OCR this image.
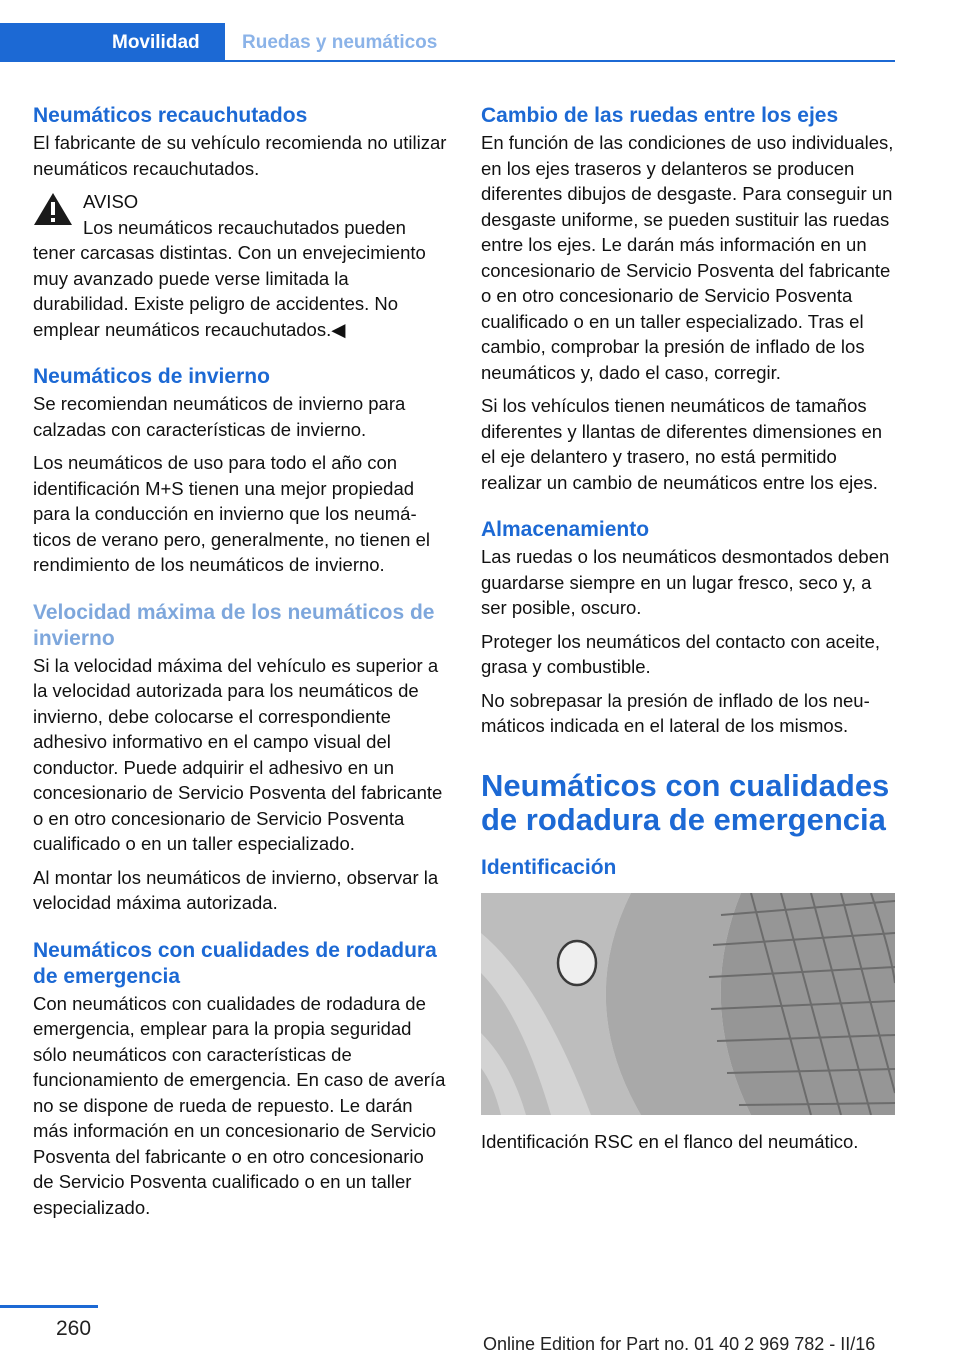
Movilidad	Ruedas y neumáticos
Neumáticos recauchutados

El fabricante de su vehículo recomienda no utilizar neumáticos recauchutados.

AVISO

Los neumáticos recauchutados pueden tener carcasas distintas. Con un envejecimiento muy avanzado puede verse limitada la durabilidad. Existe peligro de accidentes. No emplear neumáticos recauchutados.◀

Neumáticos de invierno

Se recomiendan neumáticos de invierno para calzadas con características de invierno.

Los neumáticos de uso para todo el año con identificación M+S tienen una mejor propiedad para la conducción en invierno que los neumáticos de verano pero, generalmente, no tienen el rendimiento de los neumáticos de invierno.

Velocidad máxima de los neumáticos de invierno

Si la velocidad máxima del vehículo es superior a la velocidad autorizada para los neumáticos de invierno, debe colocarse el correspondiente adhesivo informativo en el campo visual del conductor. Puede adquirir el adhesivo en un concesionario de Servicio Posventa del fabricante o en otro concesionario de Servicio Posventa cualificado o en un taller especializado.

Al montar los neumáticos de invierno, observar la velocidad máxima autorizada.

Neumáticos con cualidades de rodadura de emergencia

Con neumáticos con cualidades de rodadura de emergencia, emplear para la propia seguridad sólo neumáticos con características de funcionamiento de emergencia. En caso de avería no se dispone de rueda de repuesto. Le darán más información en un concesionario de Servicio Posventa del fabricante o en otro concesionario de Servicio Posventa cualificado o en un taller especializado.

Cambio de las ruedas entre los ejes

En función de las condiciones de uso individuales, en los ejes traseros y delanteros se producen diferentes dibujos de desgaste. Para conseguir un desgaste uniforme, se pueden sustituir las ruedas entre los ejes. Le darán más información en un concesionario de Servicio Posventa del fabricante o en otro concesionario de Servicio Posventa cualificado o en un taller especializado. Tras el cambio, comprobar la presión de inflado de los neumáticos y, dado el caso, corregir.

Si los vehículos tienen neumáticos de tamaños diferentes y llantas de diferentes dimensiones en el eje delantero y trasero, no está permitido realizar un cambio de neumáticos entre los ejes.

Almacenamiento

Las ruedas o los neumáticos desmontados deben guardarse siempre en un lugar fresco, seco y, a ser posible, oscuro.

Proteger los neumáticos del contacto con aceite, grasa y combustible.

No sobrepasar la presión de inflado de los neumáticos indicada en el lateral de los mismos.

Neumáticos con cualidades de rodadura de emergencia
Identificación

Identificación RSC en el flanco del neumático.

260
Online Edition for Part no. 01 40 2 969 782 - II/16
